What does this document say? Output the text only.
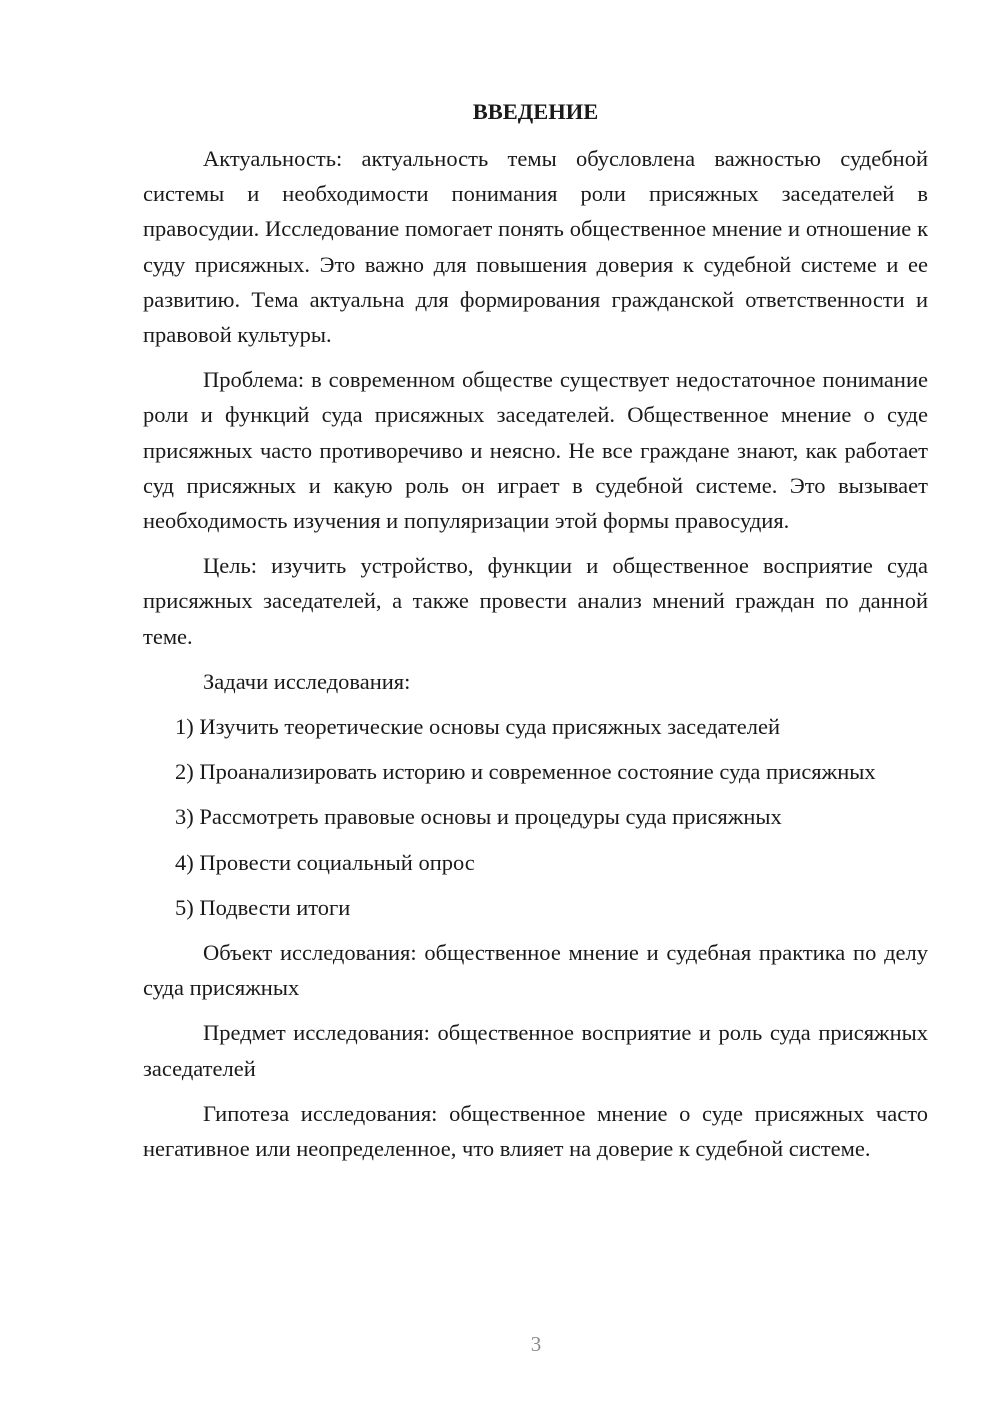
ВВЕДЕНИЕ

Актуальность: актуальность темы обусловлена важностью судебной системы и необходимости понимания роли присяжных заседателей в правосудии. Исследование помогает понять общественное мнение и отношение к суду присяжных. Это важно для повышения доверия к судебной системе и ее развитию. Тема актуальна для формирования гражданской ответственности и правовой культуры.

Проблема: в современном обществе существует недостаточное понимание роли и функций суда присяжных заседателей. Общественное мнение о суде присяжных часто противоречиво и неясно. Не все граждане знают, как работает суд присяжных и какую роль он играет в судебной системе. Это вызывает необходимость изучения и популяризации этой формы правосудия.

Цель: изучить устройство, функции и общественное восприятие суда присяжных заседателей, а также провести анализ мнений граждан по данной теме.

Задачи исследования:

1) Изучить теоретические основы суда присяжных заседателей

2) Проанализировать историю и современное состояние суда присяжных

3) Рассмотреть правовые основы и процедуры суда присяжных

4) Провести социальный опрос

5) Подвести итоги

Объект исследования: общественное мнение и судебная практика по делу суда присяжных

Предмет исследования: общественное восприятие и роль суда присяжных заседателей

Гипотеза исследования: общественное мнение о суде присяжных часто негативное или неопределенное, что влияет на доверие к судебной системе.

3
